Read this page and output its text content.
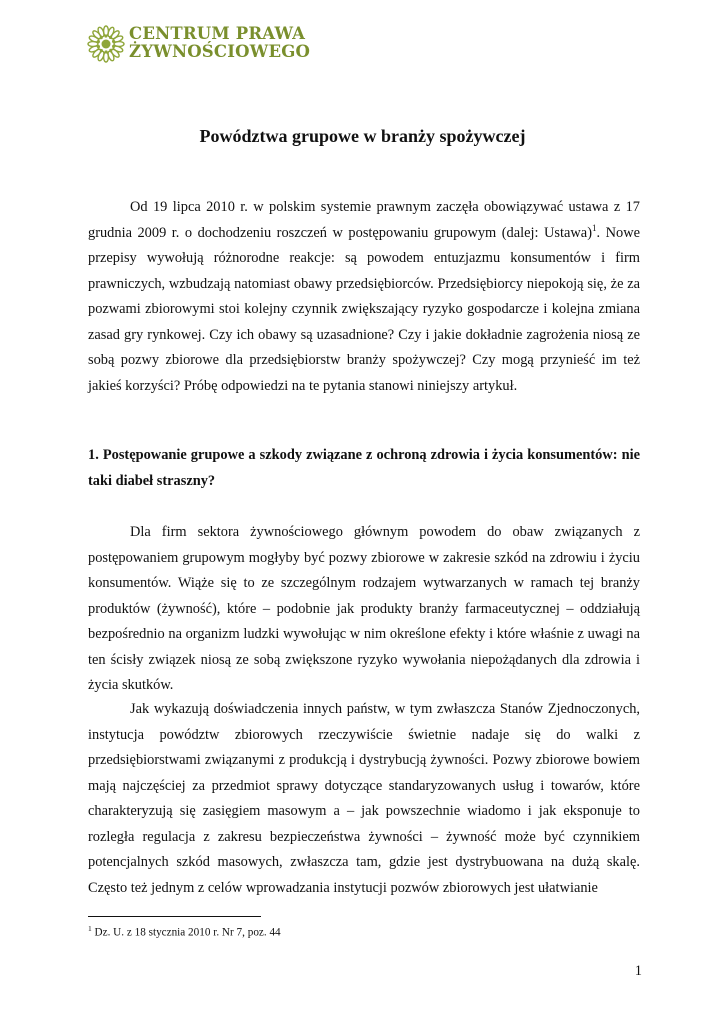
CENTRUM PRAWA
ŻYWNOŚCIOWEGO
Powództwa grupowe w branży spożywczej

Od 19 lipca 2010 r. w polskim systemie prawnym zaczęła obowiązywać ustawa z 17 grudnia 2009 r. o dochodzeniu roszczeń w postępowaniu grupowym (dalej: Ustawa)$^1$. Nowe przepisy wywołują różnorodne reakcje: są powodem entuzjazmu konsumentów i firm prawniczych, wzbudzają natomiast obawy przedsiębiorców. Przedsiębiorcy niepokoją się, że za pozwami zbiorowymi stoi kolejny czynnik zwiększający ryzyko gospodarcze i kolejna zmiana zasad gry rynkowej. Czy ich obawy są uzasadnione? Czy i jakie dokładnie zagrożenia niosą ze sobą pozwy zbiorowe dla przedsiębiorstw branży spożywczej? Czy mogą przynieść im też jakieś korzyści? Próbę odpowiedzi na te pytania stanowi niniejszy artykuł.

1. Postępowanie grupowe a szkody związane z ochroną zdrowia i życia konsumentów: nie taki diabeł straszny?

Dla firm sektora żywnościowego głównym powodem do obaw związanych z postępowaniem grupowym mogłyby być pozwy zbiorowe w zakresie szkód na zdrowiu i życiu konsumentów. Wiąże się to ze szczególnym rodzajem wytwarzanych w ramach tej branży produktów (żywność), które – podobnie jak produkty branży farmaceutycznej – oddziałują bezpośrednio na organizm ludzki wywołując w nim określone efekty i które właśnie z uwagi na ten ścisły związek niosą ze sobą zwiększone ryzyko wywołania niepożądanych dla zdrowia i życia skutków.

Jak wykazują doświadczenia innych państw, w tym zwłaszcza Stanów Zjednoczonych, instytucja powództw zbiorowych rzeczywiście świetnie nadaje się do walki z przedsiębiorstwami związanymi z produkcją i dystrybucją żywności. Pozwy zbiorowe bowiem mają najczęściej za przedmiot sprawy dotyczące standaryzowanych usług i towarów, które charakteryzują się zasięgiem masowym a – jak powszechnie wiadomo i jak eksponuje to rozległa regulacja z zakresu bezpieczeństwa żywności – żywność może być czynnikiem potencjalnych szkód masowych, zwłaszcza tam, gdzie jest dystrybuowana na dużą skalę. Często też jednym z celów wprowadzania instytucji pozwów zbiorowych jest ułatwianie

$^1$ Dz. U. z 18 stycznia 2010 r. Nr 7, poz. 44

1
